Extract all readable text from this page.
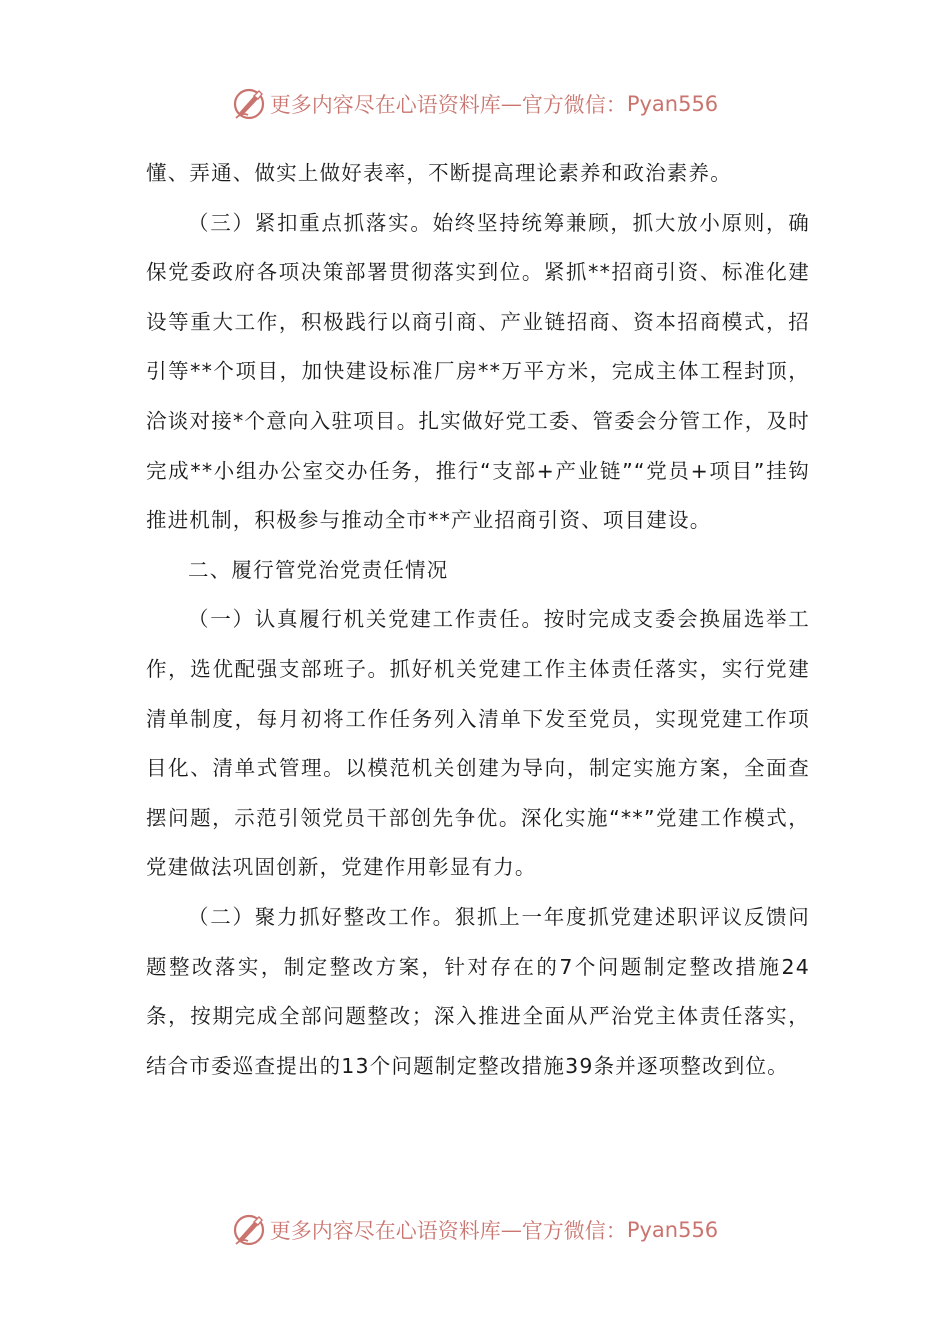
更多内容尽在心语资料库 — 官方微信： Pyan556

懂、弄通、做实上做好表率，不断提高理论素养和政治素养。

（三）紧扣重点抓落实。始终坚持统筹兼顾，抓大放小原则，确保党委政府各项决策部署贯彻落实到位。紧抓**招商引资、标准化建设等重大工作，积极践行以商引商、产业链招商、资本招商模式，招引等**个项目，加快建设标准厂房**万平方米，完成主体工程封顶，洽谈对接*个意向入驻项目。扎实做好党工委、管委会分管工作，及时完成**小组办公室交办任务，推行“支部+产业链”“党员+项目”挂钩推进机制，积极参与推动全市**产业招商引资、项目建设。

二、履行管党治党责任情况

（一）认真履行机关党建工作责任。按时完成支委会换届选举工作，选优配强支部班子。抓好机关党建工作主体责任落实，实行党建清单制度，每月初将工作任务列入清单下发至党员，实现党建工作项目化、清单式管理。以模范机关创建为导向，制定实施方案，全面查摆问题，示范引领党员干部创先争优。深化实施“**”党建工作模式，党建做法巩固创新，党建作用彰显有力。

（二）聚力抓好整改工作。狠抓上一年度抓党建述职评议反馈问题整改落实，制定整改方案，针对存在的7个问题制定整改措施24条，按期完成全部问题整改；深入推进全面从严治党主体责任落实，结合市委巡查提出的13个问题制定整改措施39条并逐项整改到位。

更多内容尽在心语资料库 — 官方微信： Pyan556
